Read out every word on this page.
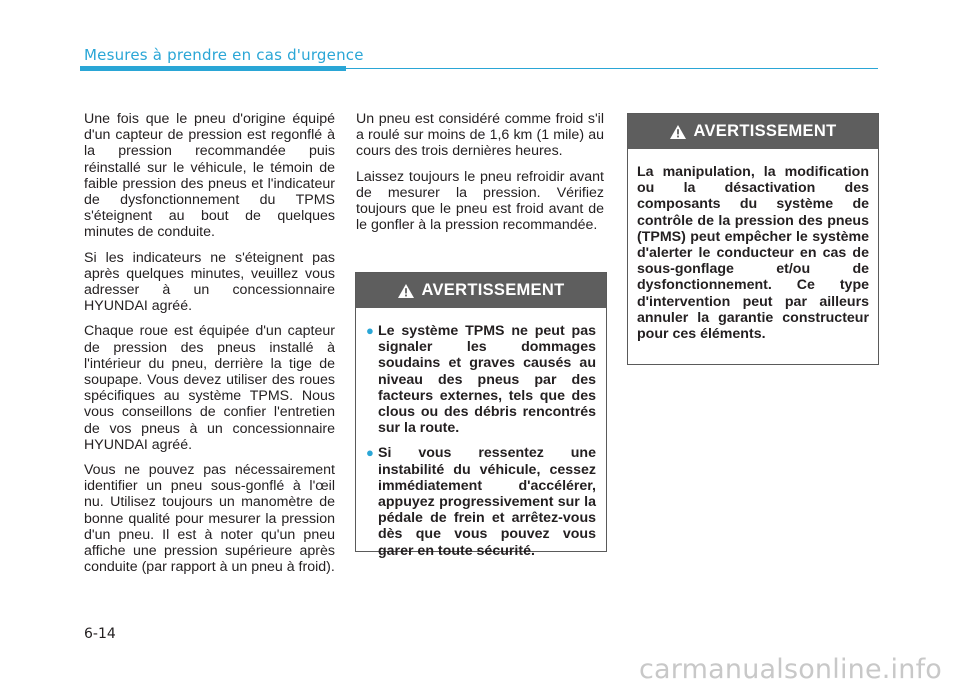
Mesures à prendre en cas d'urgence

Une fois que le pneu d'origine équipé d'un capteur de pression est regonflé à la pression recommandée puis réinstallé sur le véhicule, le témoin de faible pression des pneus et l'indicateur de dysfonctionnement du TPMS s'éteignent au bout de quelques minutes de conduite.

Si les indicateurs ne s'éteignent pas après quelques minutes, veuillez vous adresser à un concessionnaire HYUNDAI agréé.

Chaque roue est équipée d'un capteur de pression des pneus installé à l'intérieur du pneu, derrière la tige de soupape. Vous devez utiliser des roues spécifiques au système TPMS. Nous vous conseillons de confier l'entretien de vos pneus à un concessionnaire HYUNDAI agréé.

Vous ne pouvez pas nécessairement identifier un pneu sous-gonflé à l'œil nu. Utilisez toujours un manomètre de bonne qualité pour mesurer la pression d'un pneu. Il est à noter qu'un pneu affiche une pression supérieure après conduite (par rapport à un pneu à froid).

Un pneu est considéré comme froid s'il a roulé sur moins de 1,6 km (1 mile) au cours des trois dernières heures.

Laissez toujours le pneu refroidir avant de mesurer la pression. Vérifiez toujours que le pneu est froid avant de le gonfler à la pression recommandée.

AVERTISSEMENT
● Le système TPMS ne peut pas signaler les dommages soudains et graves causés au niveau des pneus par des facteurs externes, tels que des clous ou des débris rencontrés sur la route.
● Si vous ressentez une instabilité du véhicule, cessez immédiatement d'accélérer, appuyez progressivement sur la pédale de frein et arrêtez-vous dès que vous pouvez vous garer en toute sécurité.
AVERTISSEMENT
La manipulation, la modification ou la désactivation des composants du système de contrôle de la pression des pneus (TPMS) peut empêcher le système d'alerter le conducteur en cas de sous-gonflage et/ou de dysfonctionnement. Ce type d'intervention peut par ailleurs annuler la garantie constructeur pour ces éléments.
6-14
carmanualsonline.info
